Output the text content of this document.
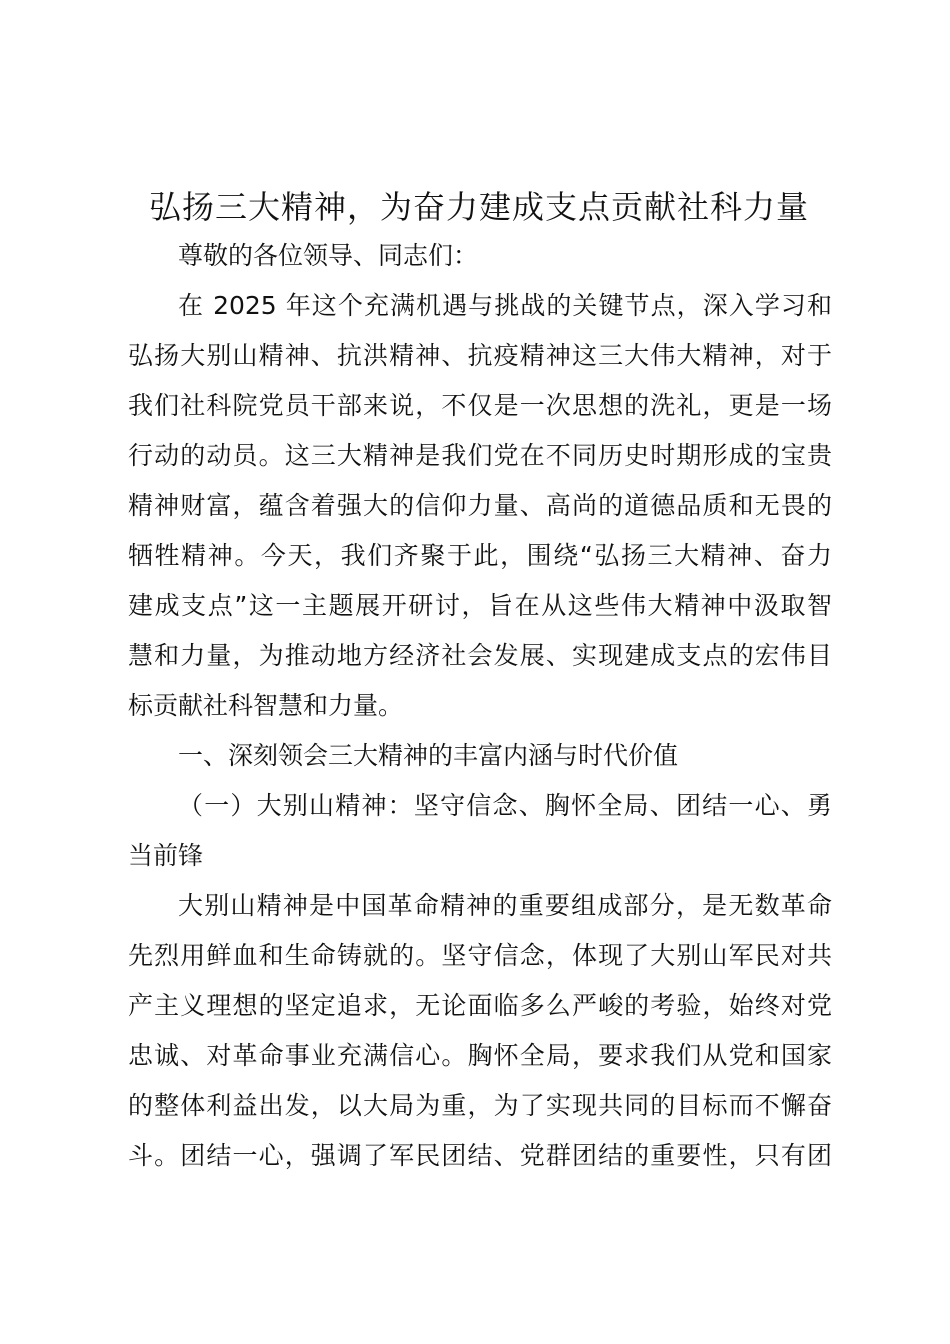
弘扬三大精神，为奋力建成支点贡献社科力量

尊敬的各位领导、同志们：

在 2025 年这个充满机遇与挑战的关键节点，深入学习和

弘扬大别山精神、抗洪精神、抗疫精神这三大伟大精神，对于

我们社科院党员干部来说，不仅是一次思想的洗礼，更是一场

行动的动员。这三大精神是我们党在不同历史时期形成的宝贵

精神财富，蕴含着强大的信仰力量、高尚的道德品质和无畏的

牺牲精神。今天，我们齐聚于此，围绕“弘扬三大精神、奋力

建成支点”这一主题展开研讨，旨在从这些伟大精神中汲取智

慧和力量，为推动地方经济社会发展、实现建成支点的宏伟目

标贡献社科智慧和力量。

一、深刻领会三大精神的丰富内涵与时代价值

（一）大别山精神：坚守信念、胸怀全局、团结一心、勇

当前锋

大别山精神是中国革命精神的重要组成部分，是无数革命

先烈用鲜血和生命铸就的。坚守信念，体现了大别山军民对共

产主义理想的坚定追求，无论面临多么严峻的考验，始终对党

忠诚、对革命事业充满信心。胸怀全局，要求我们从党和国家

的整体利益出发，以大局为重，为了实现共同的目标而不懈奋

斗。团结一心，强调了军民团结、党群团结的重要性，只有团
